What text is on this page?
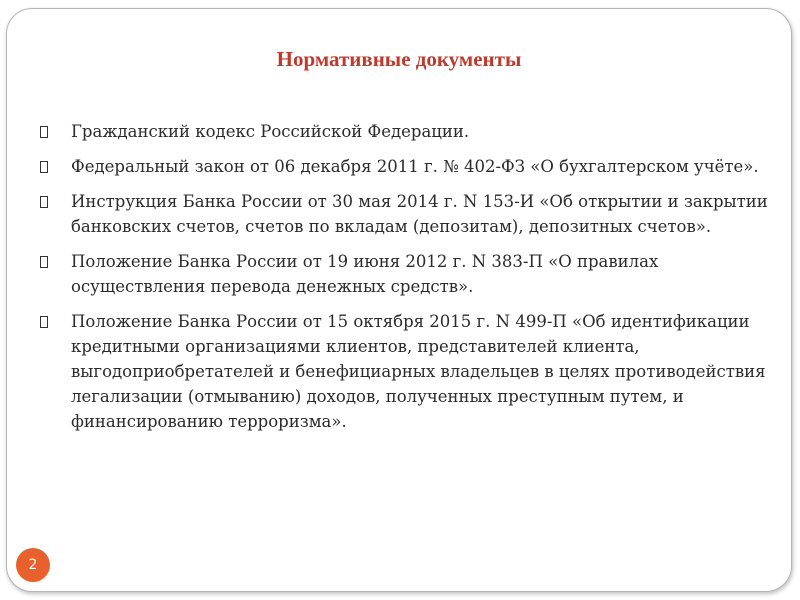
Нормативные документы
Гражданский кодекс Российской Федерации.
Федеральный закон от 06 декабря 2011 г. № 402-ФЗ «О бухгалтерском учёте».
Инструкция Банка России от 30 мая 2014 г. N 153-И «Об открытии и закрытии банковских счетов, счетов по вкладам (депозитам), депозитных счетов».
Положение Банка России от 19 июня 2012 г. N 383-П «О правилах осуществления перевода денежных средств».
Положение Банка России от 15 октября 2015 г. N 499-П «Об идентификации кредитными организациями клиентов, представителей клиента, выгодоприобретателей и бенефициарных владельцев в целях противодействия легализации (отмыванию) доходов, полученных преступным путем, и финансированию терроризма».
2
